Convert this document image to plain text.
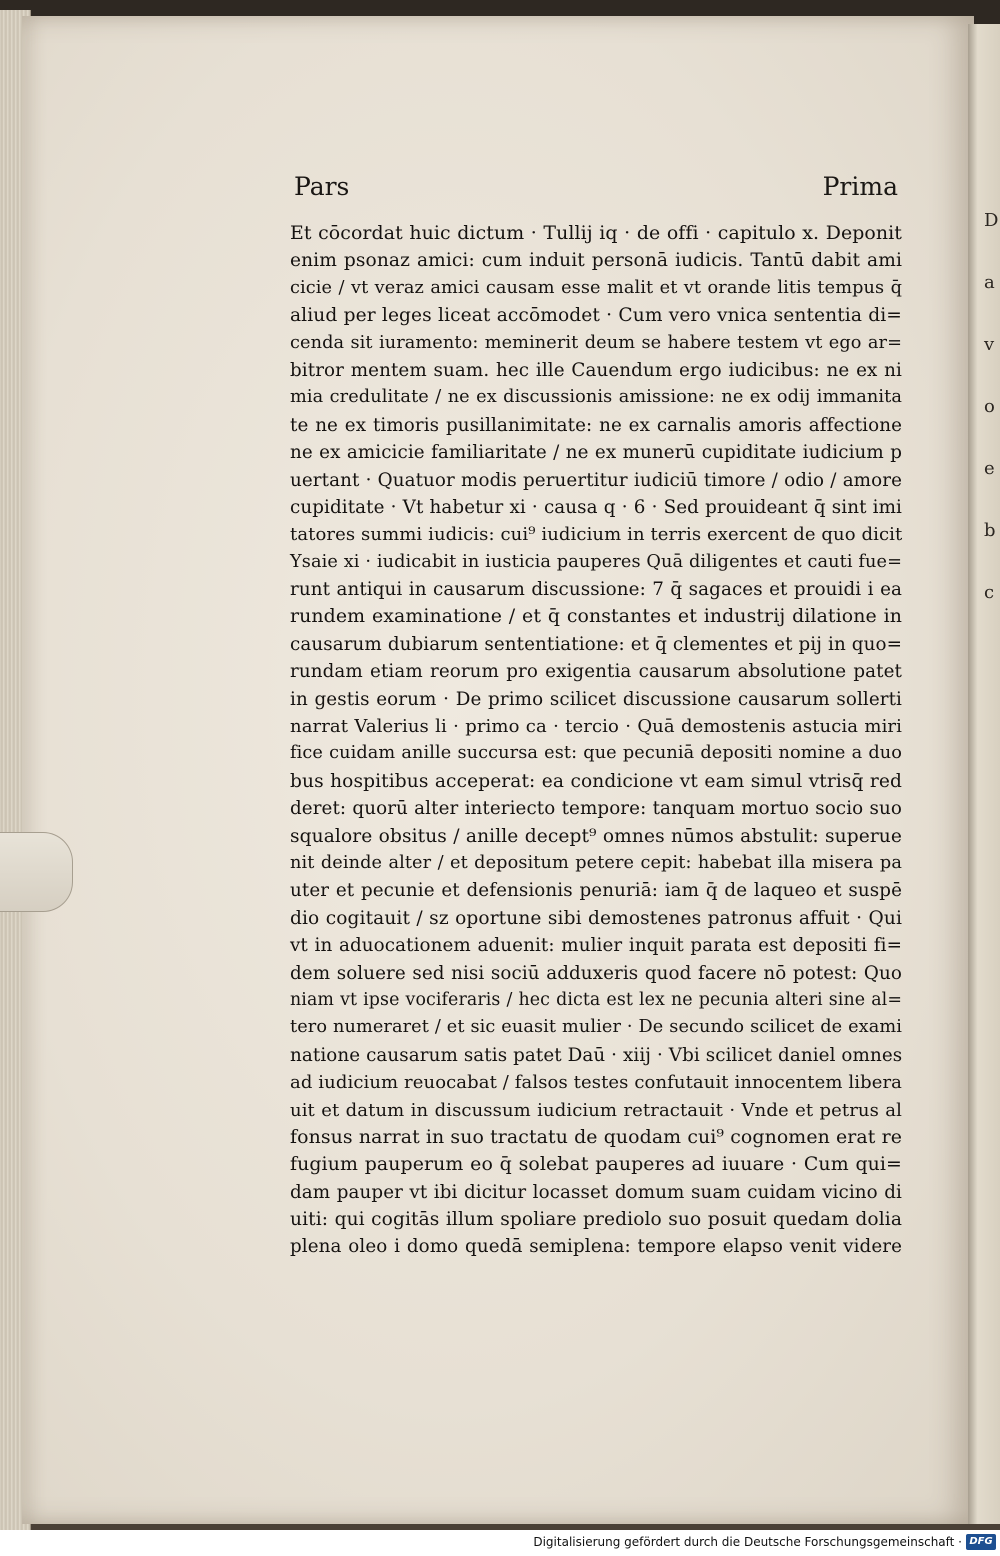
D
a
v
o
e
b
c
Pars	Prima
Et cōcordat huic dictum · Tullij iq · de offi · capitulo x. Deponit
enim psonaz amici: cum induit personā iudicis. Tantū dabit ami
cicie / vt veraz amici causam esse malit et vt orande litis tempus q̄
aliud per leges liceat accōmodet · Cum vero vnica sententia di=
cenda sit iuramento: meminerit deum se habere testem vt ego ar=
bitror mentem suam. hec ille Cauendum ergo iudicibus: ne ex ni
mia credulitate / ne ex discussionis amissione: ne ex odij immanita
te ne ex timoris pusillanimitate: ne ex carnalis amoris affectione
ne ex amicicie familiaritate / ne ex munerū cupiditate iudicium p
uertant · Quatuor modis peruertitur iudiciū timore / odio / amore
cupiditate · Vt habetur xi · causa q · 6 · Sed prouideant q̄ sint imi
tatores summi iudicis: cui⁹ iudicium in terris exercent de quo dicit
Ysaie xi · iudicabit in iusticia pauperes Quā diligentes et cauti fue=
runt antiqui in causarum discussione: 7 q̄ sagaces et prouidi i ea
rundem examinatione / et q̄ constantes et industrij dilatione in
causarum dubiarum sententiatione: et q̄ clementes et pij in quo=
rundam etiam reorum pro exigentia causarum absolutione patet
in gestis eorum · De primo scilicet discussione causarum sollerti
narrat Valerius li · primo ca · tercio · Quā demostenis astucia miri
fice cuidam anille succursa est: que pecuniā depositi nomine a duo
bus hospitibus acceperat: ea condicione vt eam simul vtrisq̄ red
deret: quorū alter interiecto tempore: tanquam mortuo socio suo
squalore obsitus / anille decept⁹ omnes nūmos abstulit: superue
nit deinde alter / et depositum petere cepit: habebat illa misera pa
uter et pecunie et defensionis penuriā: iam q̄ de laqueo et suspē
dio cogitauit / sz oportune sibi demostenes patronus affuit · Qui
vt in aduocationem aduenit: mulier inquit parata est depositi fi=
dem soluere sed nisi sociū adduxeris quod facere nō potest: Quo
niam vt ipse vociferaris / hec dicta est lex ne pecunia alteri sine al=
tero numeraret / et sic euasit mulier · De secundo scilicet de exami
natione causarum satis patet Daū · xiij · Vbi scilicet daniel omnes
ad iudicium reuocabat / falsos testes confutauit innocentem libera
uit et datum in discussum iudicium retractauit · Vnde et petrus al
fonsus narrat in suo tractatu de quodam cui⁹ cognomen erat re
fugium pauperum eo q̄ solebat pauperes ad iuuare · Cum qui=
dam pauper vt ibi dicitur locasset domum suam cuidam vicino di
uiti: qui cogitās illum spoliare prediolo suo posuit quedam dolia
plena oleo i domo quedā semiplena: tempore elapso venit videre
Digitalisierung gefördert durch die Deutsche Forschungsgemeinschaft · DFG
